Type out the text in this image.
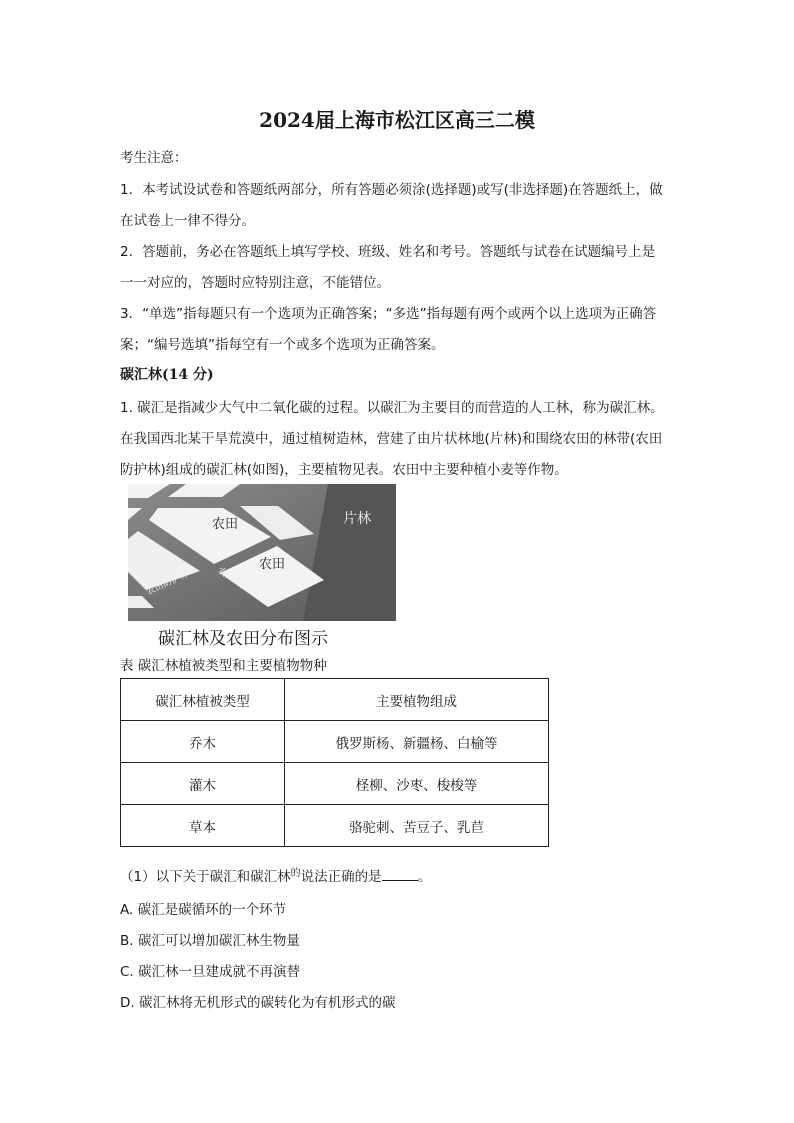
2024届上海市松江区高三二模
考生注意：
1．本考试设试卷和答题纸两部分，所有答题必须涂(选择题)或写(非选择题)在答题纸上，做
在试卷上一律不得分。
2．答题前，务必在答题纸上填写学校、班级、姓名和考号。答题纸与试卷在试题编号上是
一一对应的，答题时应特别注意，不能错位。
3．“单选”指每题只有一个选项为正确答案；“多选”指每题有两个或两个以上选项为正确答
案；“编号选填”指每空有一个或多个选项为正确答案。
碳汇林(14 分)
1. 碳汇是指减少大气中二氧化碳的过程。以碳汇为主要目的而营造的人工林，称为碳汇林。
在我国西北某干旱荒漠中，通过植树造林，营建了由片状林地(片林)和围绕农田的林带(农田
防护林)组成的碳汇林(如图)，主要植物见表。农田中主要种植小麦等作物。
农田
农田
片林
农田防护林	农田防护林
碳汇林及农田分布图示
表 碳汇林植被类型和主要植物物种
碳汇林植被类型	主要植物组成
乔木	俄罗斯杨、新疆杨、白榆等
灌木	柽柳、沙枣、梭梭等
草本	骆驼刺、苦豆子、乳苣
（1）以下关于碳汇和碳汇林$^的$说法正确的是	。
A. 碳汇是碳循环的一个环节
B. 碳汇可以增加碳汇林生物量
C. 碳汇林一旦建成就不再演替
D. 碳汇林将无机形式的碳转化为有机形式的碳
